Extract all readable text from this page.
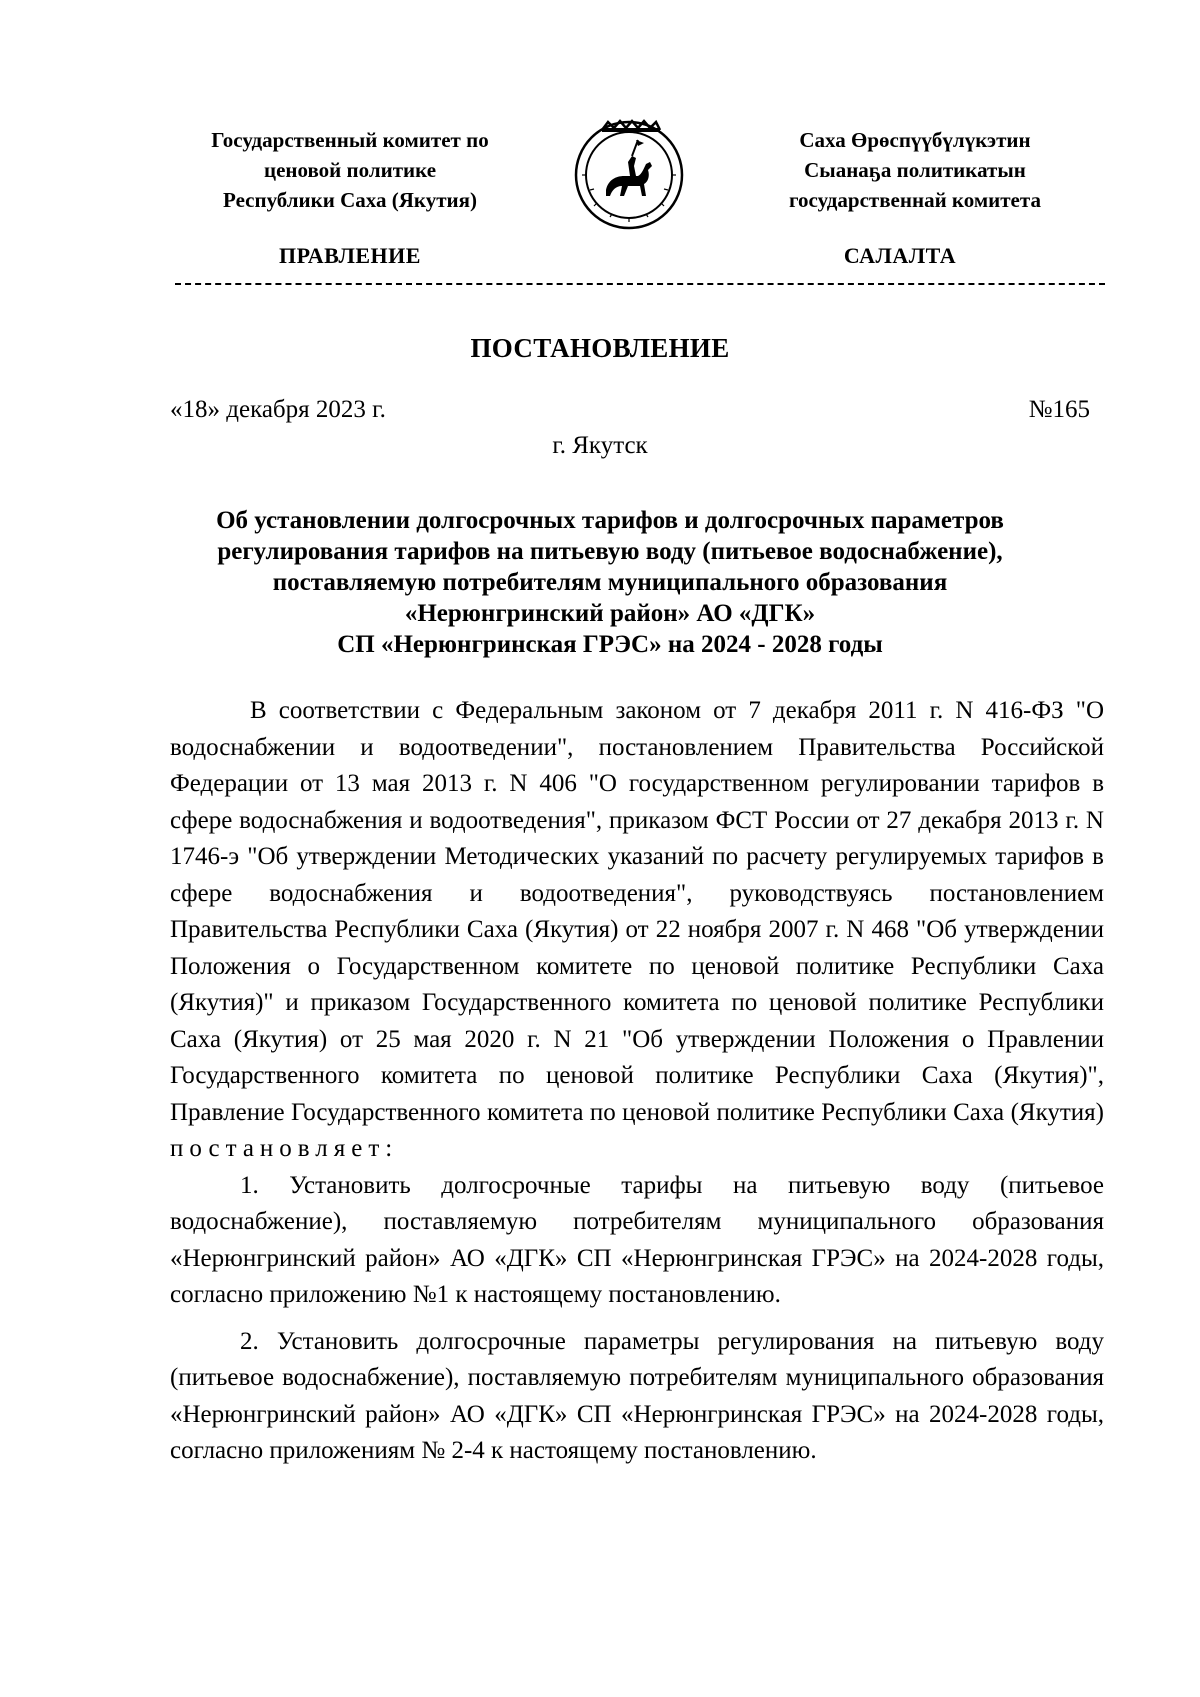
Государственный комитет по
ценовой политике
Республики Саха (Якутия)
Саха Өрөспүүбүлүкэтин
Сыанаҕа политикатын
государственнай комитета
ПРАВЛЕНИЕ	САЛАЛТА
ПОСТАНОВЛЕНИЕ
«18» декабря 2023 г.	№165
г. Якутск
Об установлении долгосрочных тарифов и долгосрочных параметров
регулирования тарифов на питьевую воду (питьевое водоснабжение),
поставляемую потребителям муниципального образования
«Нерюнгринский район» АО «ДГК»
СП «Нерюнгринская ГРЭС» на 2024 - 2028 годы

В соответствии с Федеральным законом от 7 декабря 2011 г. N 416-ФЗ "О водоснабжении и водоотведении", постановлением Правительства Российской Федерации от 13 мая 2013 г. N 406 "О государственном регулировании тарифов в сфере водоснабжения и водоотведения", приказом ФСТ России от 27 декабря 2013 г. N 1746-э "Об утверждении Методических указаний по расчету регулируемых тарифов в сфере водоснабжения и водоотведения", руководствуясь постановлением Правительства Республики Саха (Якутия) от 22 ноября 2007 г. N 468 "Об утверждении Положения о Государственном комитете по ценовой политике Республики Саха (Якутия)" и приказом Государственного комитета по ценовой политике Республики Саха (Якутия) от 25 мая 2020 г. N 21 "Об утверждении Положения о Правлении Государственного комитета по ценовой политике Республики Саха (Якутия)", Правление Государственного комитета по ценовой политике Республики Саха (Якутия) постановляет:

1. Установить долгосрочные тарифы на питьевую воду (питьевое водоснабжение), поставляемую потребителям муниципального образования «Нерюнгринский район» АО «ДГК» СП «Нерюнгринская ГРЭС» на 2024-2028 годы, согласно приложению №1 к настоящему постановлению.

2. Установить долгосрочные параметры регулирования на питьевую воду (питьевое водоснабжение), поставляемую потребителям муниципального образования «Нерюнгринский район» АО «ДГК» СП «Нерюнгринская ГРЭС» на 2024-2028 годы, согласно приложениям № 2-4 к настоящему постановлению.
